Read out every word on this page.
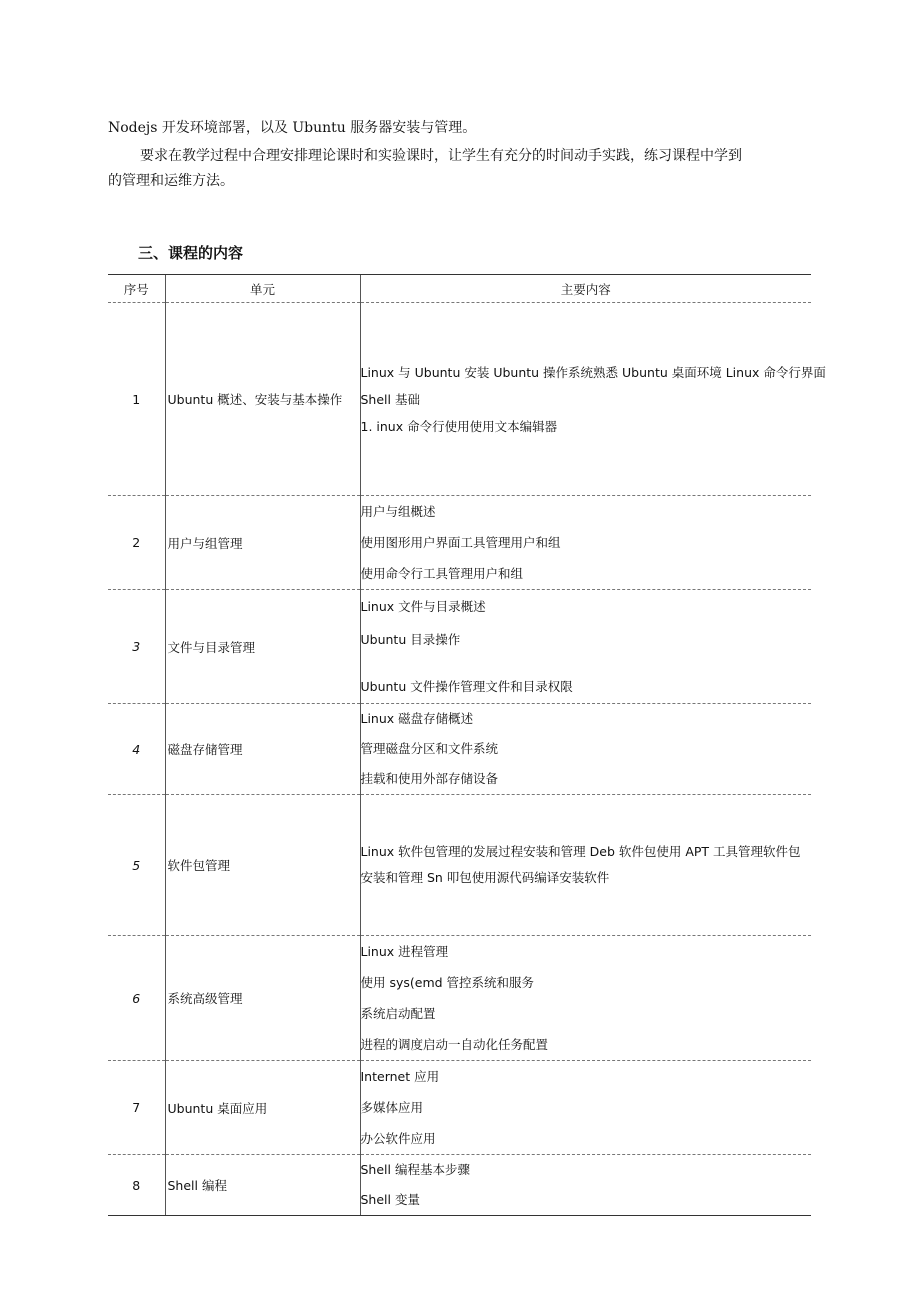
Nodejs 开发环境部署，以及 Ubuntu 服务器安装与管理。

要求在教学过程中合理安排理论课时和实验课时，让学生有充分的时间动手实践，练习课程中学到

的管理和运维方法。

三、课程的内容
序号	单元	主要内容
1	Ubuntu 概述、安装与基本操作	Linux 与 Ubuntu 安装 Ubuntu 操作系统熟悉 Ubuntu 桌面环境 Linux 命令行界面
Shell 基础
1. inux 命令行使用使用文本编辑器

2	用户与组管理	用户与组概述
使用图形用户界面工具管理用户和组
使用命令行工具管理用户和组

3	文件与目录管理	Linux 文件与目录概述
Ubuntu 目录操作
Ubuntu 文件操作管理文件和目录权限

4	磁盘存储管理	Linux 磁盘存储概述
管理磁盘分区和文件系统
挂载和使用外部存储设备

5	软件包管理	Linux 软件包管理的发展过程安装和管理 Deb 软件包使用 APT 工具管理软件包
安装和管理 Sn 叩包使用源代码编译安装软件

6	系统高级管理	Linux 进程管理
使用 sys(emd 管控系统和服务
系统启动配置
进程的调度启动一自动化任务配置

7	Ubuntu 桌面应用	Internet 应用
多媒体应用
办公软件应用

8	Shell 编程	Shell 编程基本步骤
Shell 变量
